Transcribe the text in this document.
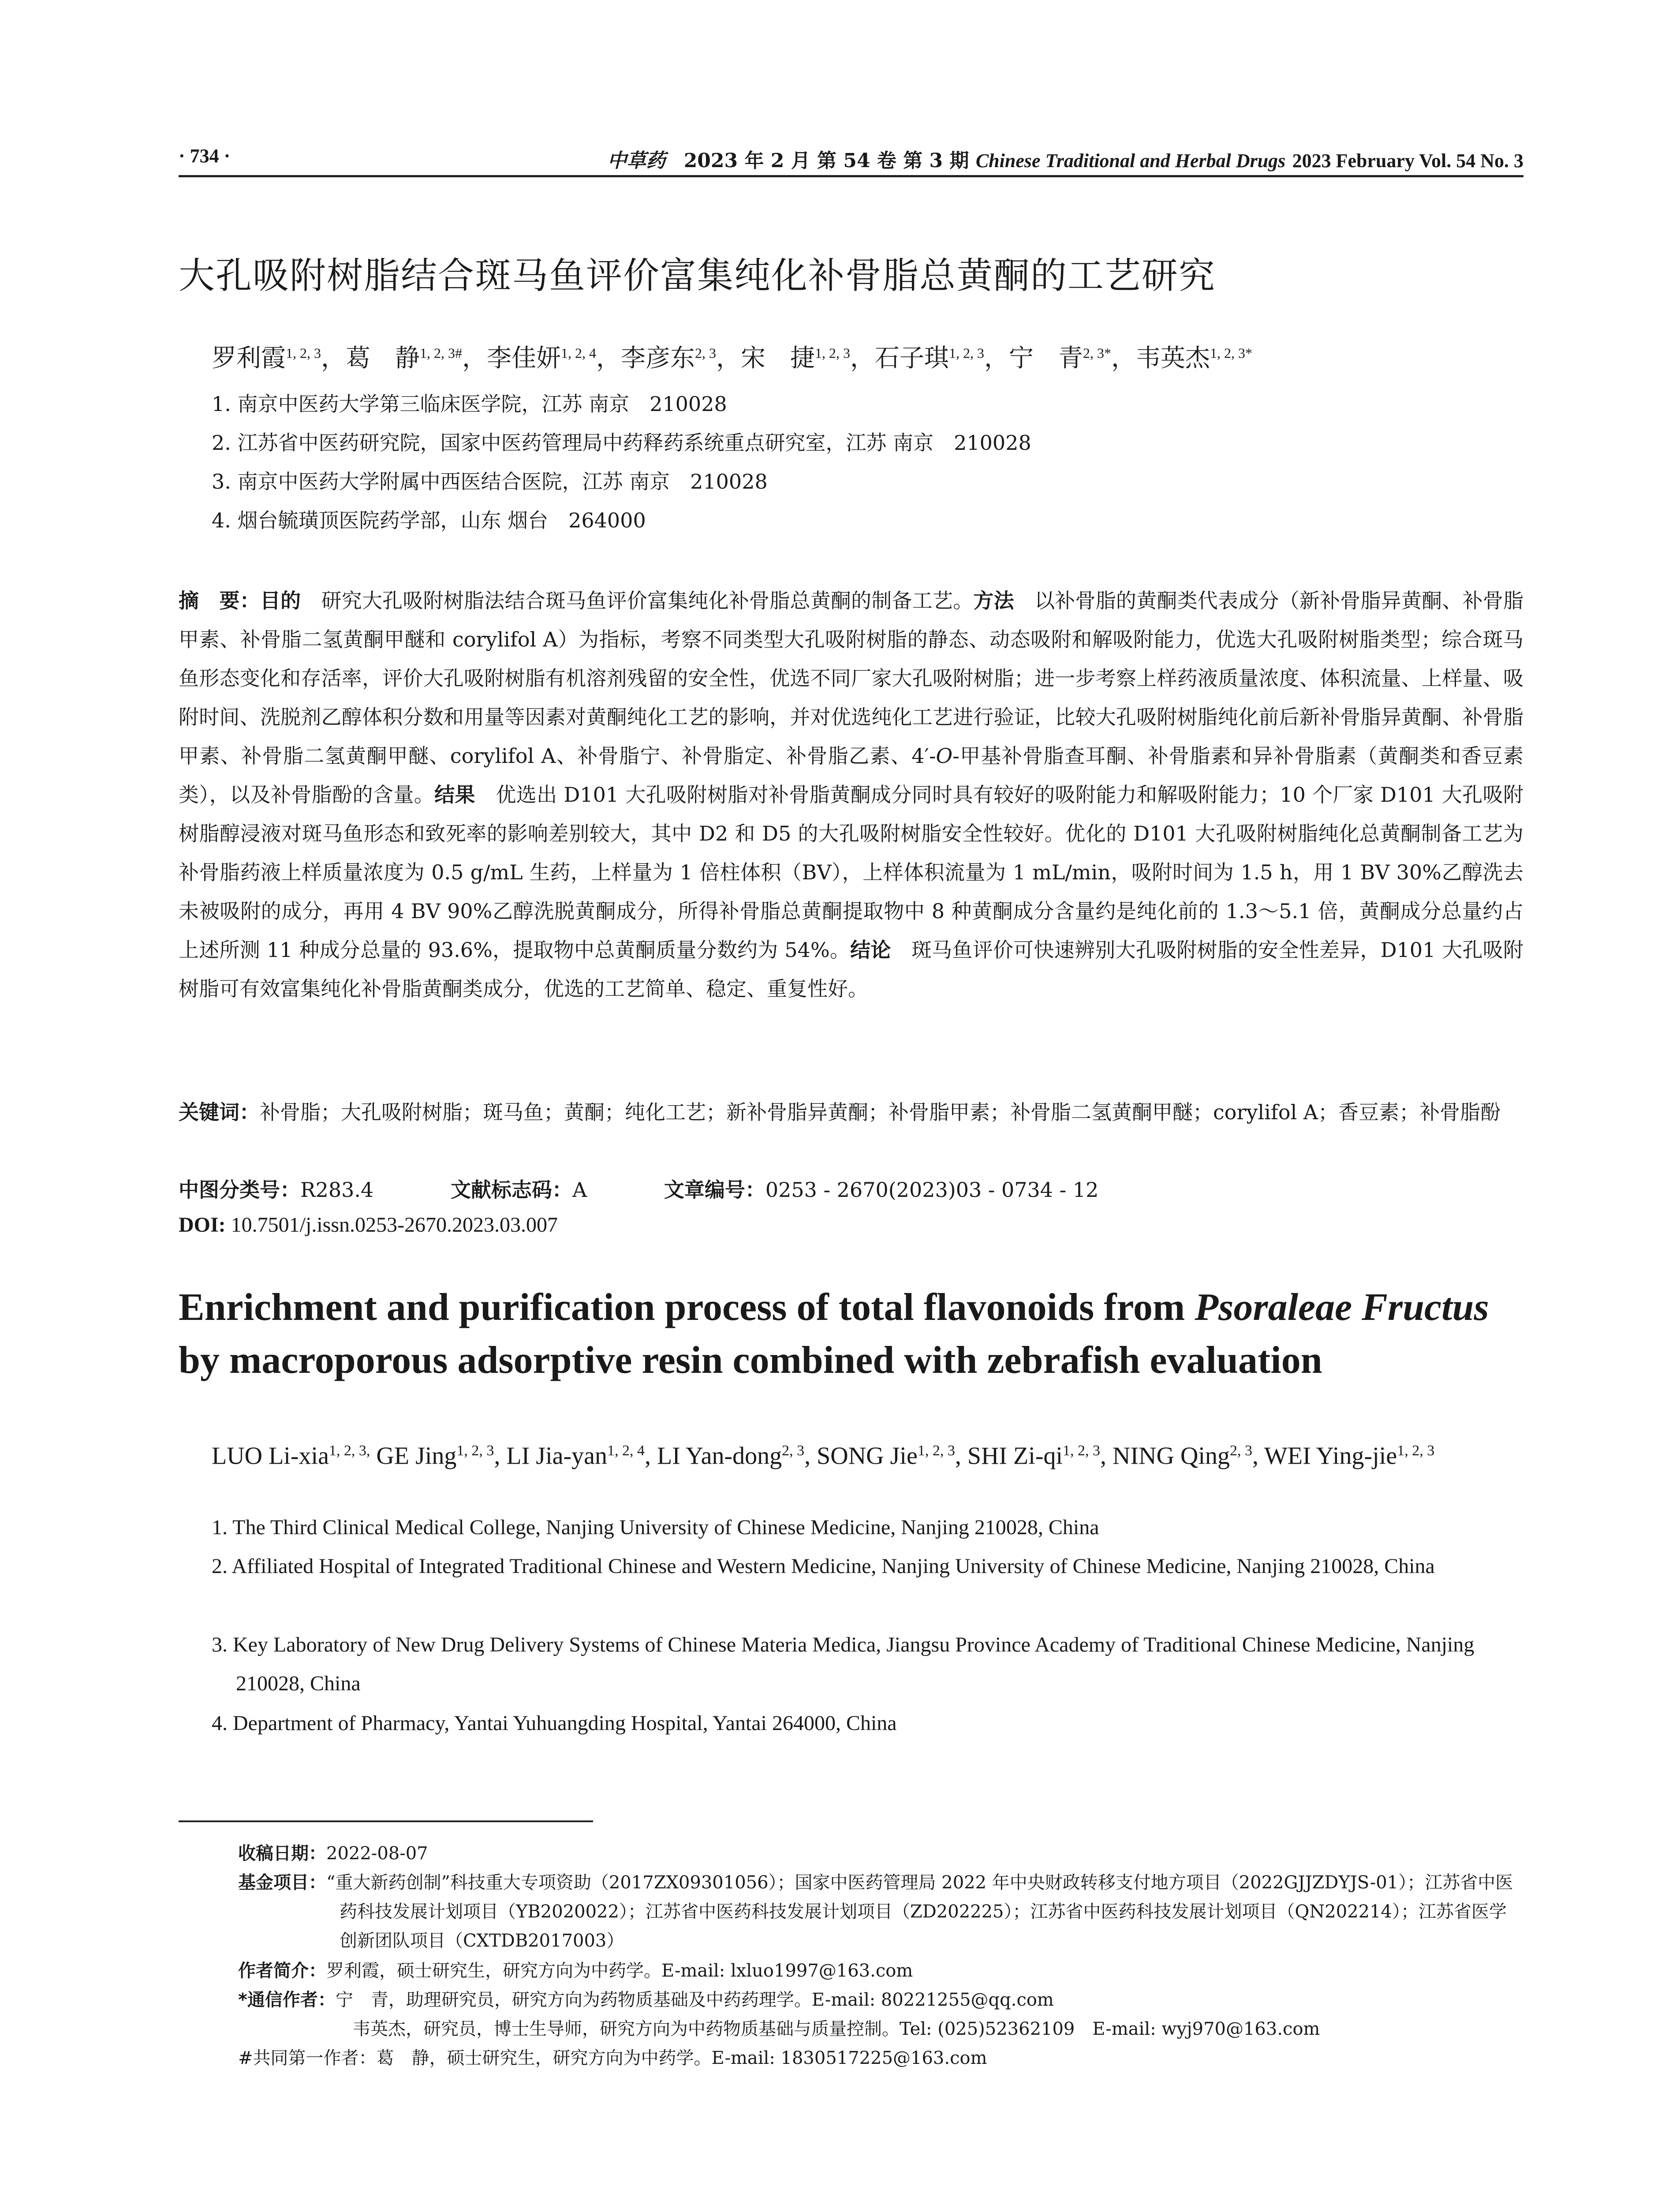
· 734 ·	中草药 2023 年 2 月 第 54 卷 第 3 期 Chinese Traditional and Herbal Drugs 2023 February Vol. 54 No. 3
大孔吸附树脂结合斑马鱼评价富集纯化补骨脂总黄酮的工艺研究
罗利霞$^{1, 2, 3}$，葛　静$^{1, 2, 3\#}$，李佳妍$^{1, 2, 4}$，李彦东$^{2, 3}$，宋　捷$^{1, 2, 3}$，石子琪$^{1, 2, 3}$，宁　青$^{2, 3*}$，韦英杰$^{1, 2, 3*}$
1. 南京中医药大学第三临床医学院，江苏 南京　210028
2. 江苏省中医药研究院，国家中医药管理局中药释药系统重点研究室，江苏 南京　210028
3. 南京中医药大学附属中西医结合医院，江苏 南京　210028
4. 烟台毓璜顶医院药学部，山东 烟台　264000
摘　要：目的　研究大孔吸附树脂法结合斑马鱼评价富集纯化补骨脂总黄酮的制备工艺。方法　以补骨脂的黄酮类代表成分（新补骨脂异黄酮、补骨脂甲素、补骨脂二氢黄酮甲醚和 corylifol A）为指标，考察不同类型大孔吸附树脂的静态、动态吸附和解吸附能力，优选大孔吸附树脂类型；综合斑马鱼形态变化和存活率，评价大孔吸附树脂有机溶剂残留的安全性，优选不同厂家大孔吸附树脂；进一步考察上样药液质量浓度、体积流量、上样量、吸附时间、洗脱剂乙醇体积分数和用量等因素对黄酮纯化工艺的影响，并对优选纯化工艺进行验证，比较大孔吸附树脂纯化前后新补骨脂异黄酮、补骨脂甲素、补骨脂二氢黄酮甲醚、corylifol A、补骨脂宁、补骨脂定、补骨脂乙素、4′-O-甲基补骨脂查耳酮、补骨脂素和异补骨脂素（黄酮类和香豆素类），以及补骨脂酚的含量。结果　优选出 D101 大孔吸附树脂对补骨脂黄酮成分同时具有较好的吸附能力和解吸附能力；10 个厂家 D101 大孔吸附树脂醇浸液对斑马鱼形态和致死率的影响差别较大，其中 D2 和 D5 的大孔吸附树脂安全性较好。优化的 D101 大孔吸附树脂纯化总黄酮制备工艺为补骨脂药液上样质量浓度为 0.5 g/mL 生药，上样量为 1 倍柱体积（BV），上样体积流量为 1 mL/min，吸附时间为 1.5 h，用 1 BV 30%乙醇洗去未被吸附的成分，再用 4 BV 90%乙醇洗脱黄酮成分，所得补骨脂总黄酮提取物中 8 种黄酮成分含量约是纯化前的 1.3～5.1 倍，黄酮成分总量约占上述所测 11 种成分总量的 93.6%，提取物中总黄酮质量分数约为 54%。结论　斑马鱼评价可快速辨别大孔吸附树脂的安全性差异，D101 大孔吸附树脂可有效富集纯化补骨脂黄酮类成分，优选的工艺简单、稳定、重复性好。
关键词：补骨脂；大孔吸附树脂；斑马鱼；黄酮；纯化工艺；新补骨脂异黄酮；补骨脂甲素；补骨脂二氢黄酮甲醚；corylifol A；香豆素；补骨脂酚
中图分类号：R283.4	文献标志码：A	文章编号：0253 - 2670(2023)03 - 0734 - 12
DOI: 10.7501/j.issn.0253-2670.2023.03.007
Enrichment and purification process of total flavonoids from Psoraleae Fructus by macroporous adsorptive resin combined with zebrafish evaluation
LUO Li-xia$^{1, 2, 3,}$ GE Jing$^{1, 2, 3}$, LI Jia-yan$^{1, 2, 4}$, LI Yan-dong$^{2, 3}$, SONG Jie$^{1, 2, 3}$, SHI Zi-qi$^{1, 2, 3}$, NING Qing$^{2, 3}$, WEI Ying-jie$^{1, 2, 3}$
1. The Third Clinical Medical College, Nanjing University of Chinese Medicine, Nanjing 210028, China
2. Affiliated Hospital of Integrated Traditional Chinese and Western Medicine, Nanjing University of Chinese Medicine, Nanjing 210028, China
3. Key Laboratory of New Drug Delivery Systems of Chinese Materia Medica, Jiangsu Province Academy of Traditional Chinese Medicine, Nanjing 210028, China
4. Department of Pharmacy, Yantai Yuhuangding Hospital, Yantai 264000, China
收稿日期：2022-08-07
基金项目：“重大新药创制”科技重大专项资助（2017ZX09301056）；国家中医药管理局 2022 年中央财政转移支付地方项目（2022GJJZDYJS-01）；江苏省中医药科技发展计划项目（YB2020022）；江苏省中医药科技发展计划项目（ZD202225）；江苏省中医药科技发展计划项目（QN202214）；江苏省医学创新团队项目（CXTDB2017003）
作者简介：罗利霞，硕士研究生，研究方向为中药学。E-mail: lxluo1997@163.com
*通信作者：宁　青，助理研究员，研究方向为药物质基础及中药药理学。E-mail: 80221255@qq.com
韦英杰，研究员，博士生导师，研究方向为中药物质基础与质量控制。Tel: (025)52362109　E-mail: wyj970@163.com
#共同第一作者：葛　静，硕士研究生，研究方向为中药学。E-mail: 1830517225@163.com
